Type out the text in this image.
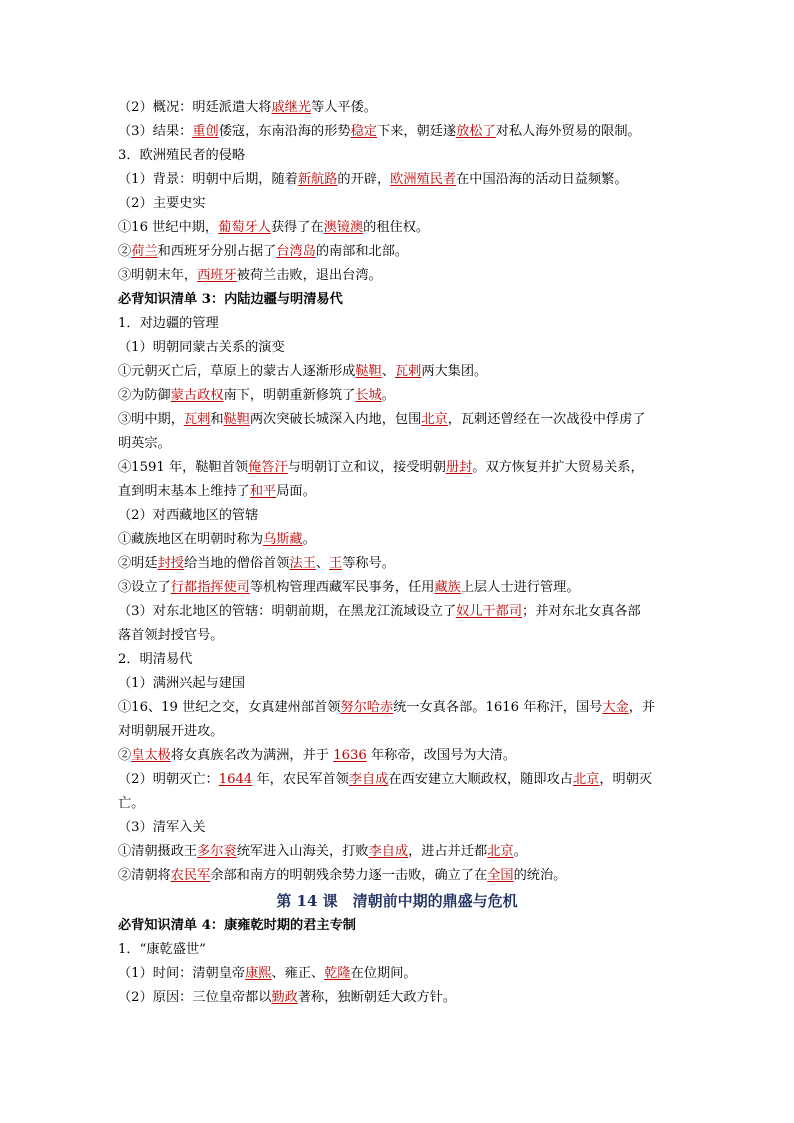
（2）概况：明廷派遣大将戚继光等人平倭。
（3）结果：重创倭寇，东南沿海的形势稳定下来，朝廷遂放松了对私人海外贸易的限制。
3．欧洲殖民者的侵略
（1）背景：明朝中后期，随着新航路的开辟，欧洲殖民者在中国沿海的活动日益频繁。
（2）主要史实
①16 世纪中期，葡萄牙人获得了在澳镜澳的租住权。
②荷兰和西班牙分别占据了台湾岛的南部和北部。
③明朝末年，西班牙被荷兰击败，退出台湾。
必背知识清单 3：内陆边疆与明清易代
1．对边疆的管理
（1）明朝同蒙古关系的演变
①元朝灭亡后，草原上的蒙古人逐渐形成鞑靼、瓦剌两大集团。
②为防御蒙古政权南下，明朝重新修筑了长城。
③明中期，瓦剌和鞑靼两次突破长城深入内地，包围北京，瓦剌还曾经在一次战役中俘虏了
明英宗。
④1591 年，鞑靼首领俺答汗与明朝订立和议，接受明朝册封。双方恢复并扩大贸易关系，
直到明末基本上维持了和平局面。
（2）对西藏地区的管辖
①藏族地区在明朝时称为乌斯藏。
②明廷封授给当地的僧俗首领法王、王等称号。
③设立了行都指挥使司等机构管理西藏军民事务，任用藏族上层人士进行管理。
（3）对东北地区的管辖：明朝前期，在黑龙江流域设立了奴儿干都司；并对东北女真各部
落首领封授官号。
2．明清易代
（1）满洲兴起与建国
①16、19 世纪之交，女真建州部首领努尔哈赤统一女真各部。1616 年称汗，国号大金，并
对明朝展开进攻。
②皇太极将女真族名改为满洲，并于 1636 年称帝，改国号为大清。
（2）明朝灭亡：1644 年，农民军首领李自成在西安建立大顺政权，随即攻占北京，明朝灭
亡。
（3）清军入关
①清朝摄政王多尔衮统军进入山海关，打败李自成，进占并迁都北京。
②清朝将农民军余部和南方的明朝残余势力逐一击败，确立了在全国的统治。
第 14 课　清朝前中期的鼎盛与危机
必背知识清单 4：康雍乾时期的君主专制
1．“康乾盛世”
（1）时间：清朝皇帝康熙、雍正、乾隆在位期间。
（2）原因：三位皇帝都以勤政著称，独断朝廷大政方针。
